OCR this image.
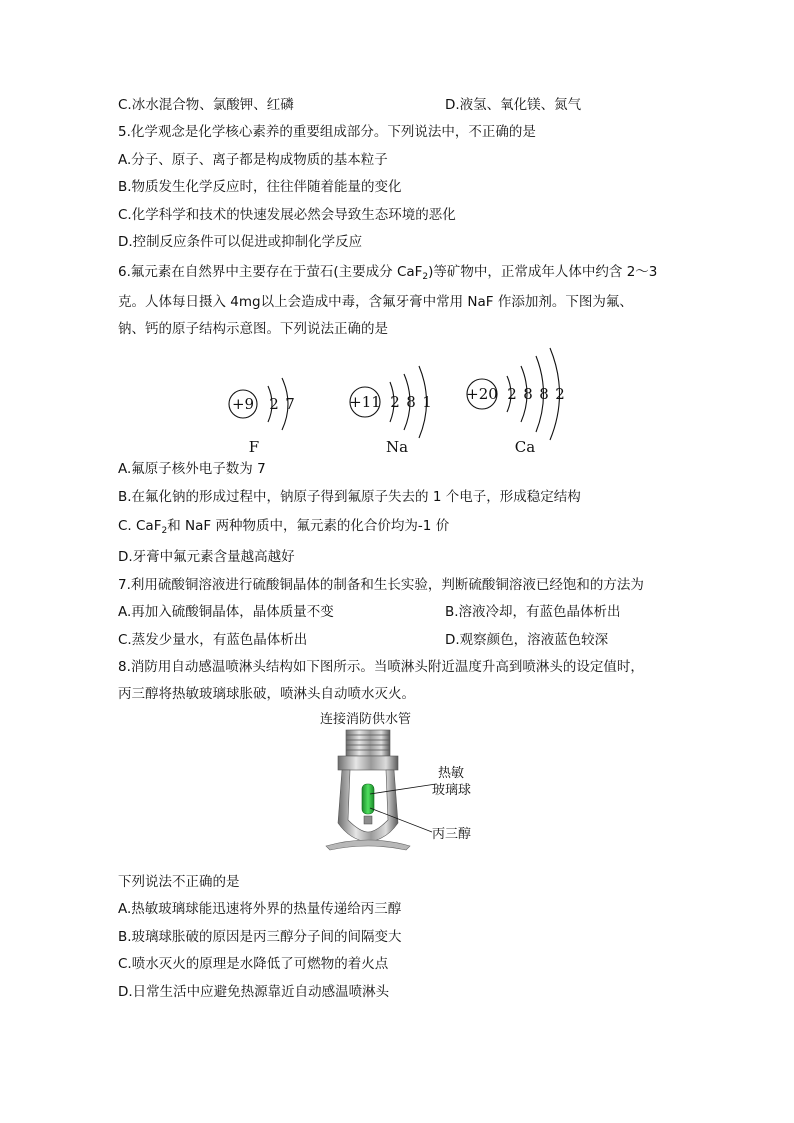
C.冰水混合物、氯酸钾、红磷	D.液氢、氧化镁、氮气
5.化学观念是化学核心素养的重要组成部分。下列说法中，不正确的是
A.分子、原子、离子都是构成物质的基本粒子
B.物质发生化学反应时，往往伴随着能量的变化
C.化学科学和技术的快速发展必然会导致生态环境的恶化
D.控制反应条件可以促进或抑制化学反应
6.氟元素在自然界中主要存在于萤石(主要成分 CaF$_2$)等矿物中，正常成年人体中约含 2～3
克。人体每日摄入 4mg以上会造成中毒，含氟牙膏中常用 NaF 作添加剂。下图为氟、
钠、钙的原子结构示意图。下列说法正确的是
+9 2 7
F
+11 2 8 1
Na
+20 2 8 8 2
Ca
A.氟原子核外电子数为 7
B.在氟化钠的形成过程中，钠原子得到氟原子失去的 1 个电子，形成稳定结构
C. CaF$_2$和 NaF 两种物质中，氟元素的化合价均为-1 价
D.牙膏中氟元素含量越高越好
7.利用硫酸铜溶液进行硫酸铜晶体的制备和生长实验，判断硫酸铜溶液已经饱和的方法为
A.再加入硫酸铜晶体，晶体质量不变	B.溶液冷却，有蓝色晶体析出
C.蒸发少量水，有蓝色晶体析出	D.观察颜色，溶液蓝色较深
8.消防用自动感温喷淋头结构如下图所示。当喷淋头附近温度升高到喷淋头的设定值时，
丙三醇将热敏玻璃球胀破，喷淋头自动喷水灭火。
连接消防供水管
热敏
玻璃球
丙三醇
下列说法不正确的是
A.热敏玻璃球能迅速将外界的热量传递给丙三醇
B.玻璃球胀破的原因是丙三醇分子间的间隔变大
C.喷水灭火的原理是水降低了可燃物的着火点
D.日常生活中应避免热源靠近自动感温喷淋头
